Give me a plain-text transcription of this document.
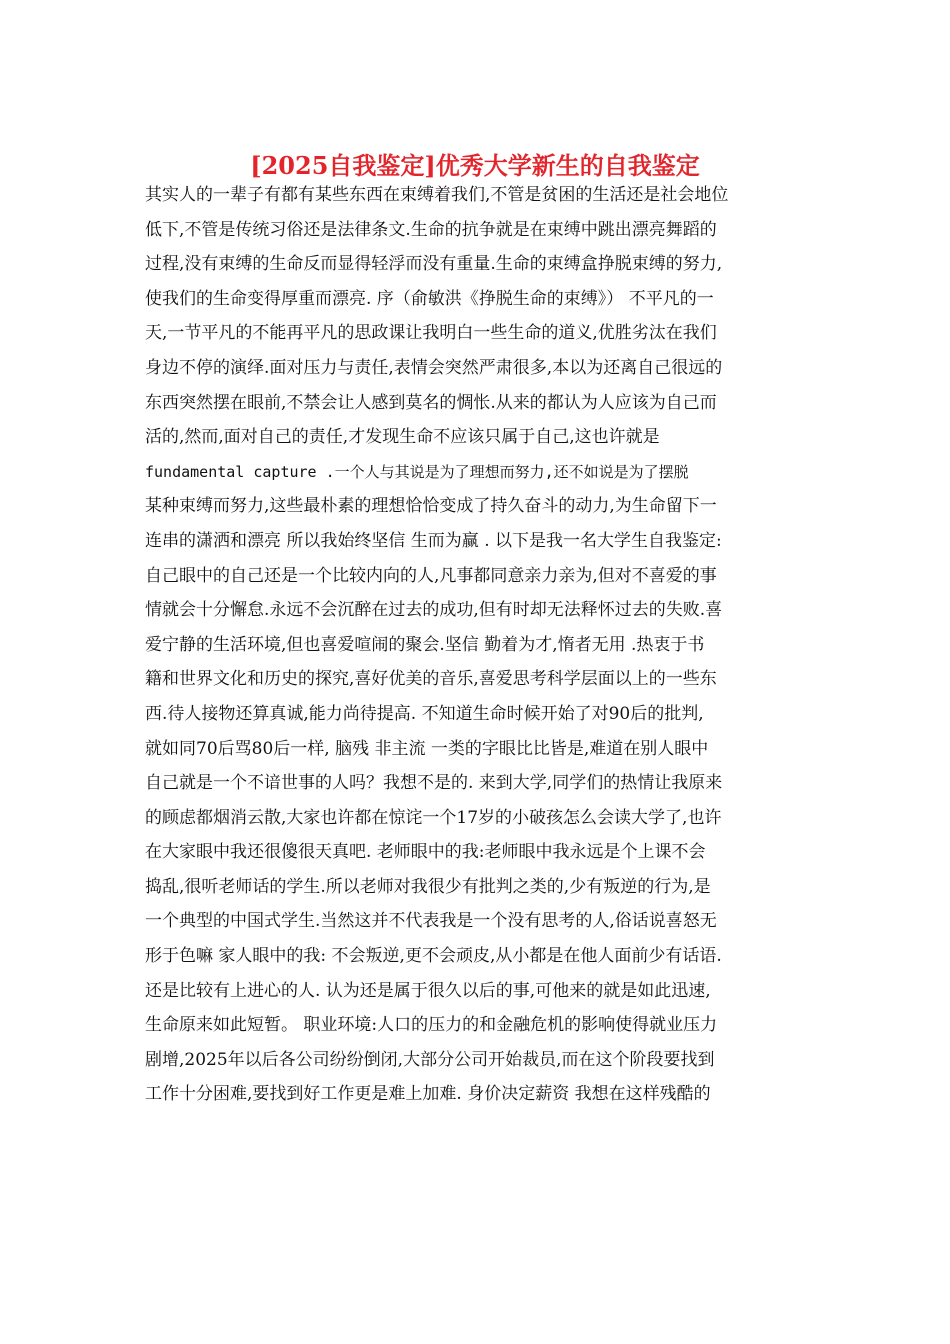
[2025自我鉴定]优秀大学新生的自我鉴定
其实人的一辈子有都有某些东西在束缚着我们,不管是贫困的生活还是社会地位
低下,不管是传统习俗还是法律条文.生命的抗争就是在束缚中跳出漂亮舞蹈的
过程,没有束缚的生命反而显得轻浮而没有重量.生命的束缚盒挣脱束缚的努力,
使我们的生命变得厚重而漂亮. 序（俞敏洪《挣脱生命的束缚》） 不平凡的一
天,一节平凡的不能再平凡的思政课让我明白一些生命的道义,优胜劣汰在我们
身边不停的演绎.面对压力与责任,表情会突然严肃很多,本以为还离自己很远的
东西突然摆在眼前,不禁会让人感到莫名的惆怅.从来的都认为人应该为自己而
活的,然而,面对自己的责任,才发现生命不应该只属于自己,这也许就是
fundamental capture .一个人与其说是为了理想而努力,还不如说是为了摆脱
某种束缚而努力,这些最朴素的理想恰恰变成了持久奋斗的动力,为生命留下一
连串的潇洒和漂亮 所以我始终坚信 生而为赢 . 以下是我一名大学生自我鉴定:
自己眼中的自己还是一个比较内向的人,凡事都同意亲力亲为,但对不喜爱的事
情就会十分懈怠.永远不会沉醉在过去的成功,但有时却无法释怀过去的失败.喜
爱宁静的生活环境,但也喜爱喧闹的聚会.坚信 勤着为才,惰者无用 .热衷于书
籍和世界文化和历史的探究,喜好优美的音乐,喜爱思考科学层面以上的一些东
西.待人接物还算真诚,能力尚待提高. 不知道生命时候开始了对90后的批判,
就如同70后骂80后一样, 脑残 非主流 一类的字眼比比皆是,难道在别人眼中
自己就是一个不谙世事的人吗？我想不是的. 来到大学,同学们的热情让我原来
的顾虑都烟消云散,大家也许都在惊诧一个17岁的小破孩怎么会读大学了,也许
在大家眼中我还很傻很天真吧. 老师眼中的我:老师眼中我永远是个上课不会
捣乱,很听老师话的学生.所以老师对我很少有批判之类的,少有叛逆的行为,是
一个典型的中国式学生.当然这并不代表我是一个没有思考的人,俗话说喜怒无
形于色嘛 家人眼中的我: 不会叛逆,更不会顽皮,从小都是在他人面前少有话语.
还是比较有上进心的人. 认为还是属于很久以后的事,可他来的就是如此迅速,
生命原来如此短暂。 职业环境:人口的压力的和金融危机的影响使得就业压力
剧增,2025年以后各公司纷纷倒闭,大部分公司开始裁员,而在这个阶段要找到
工作十分困难,要找到好工作更是难上加难. 身价决定薪资 我想在这样残酷的
